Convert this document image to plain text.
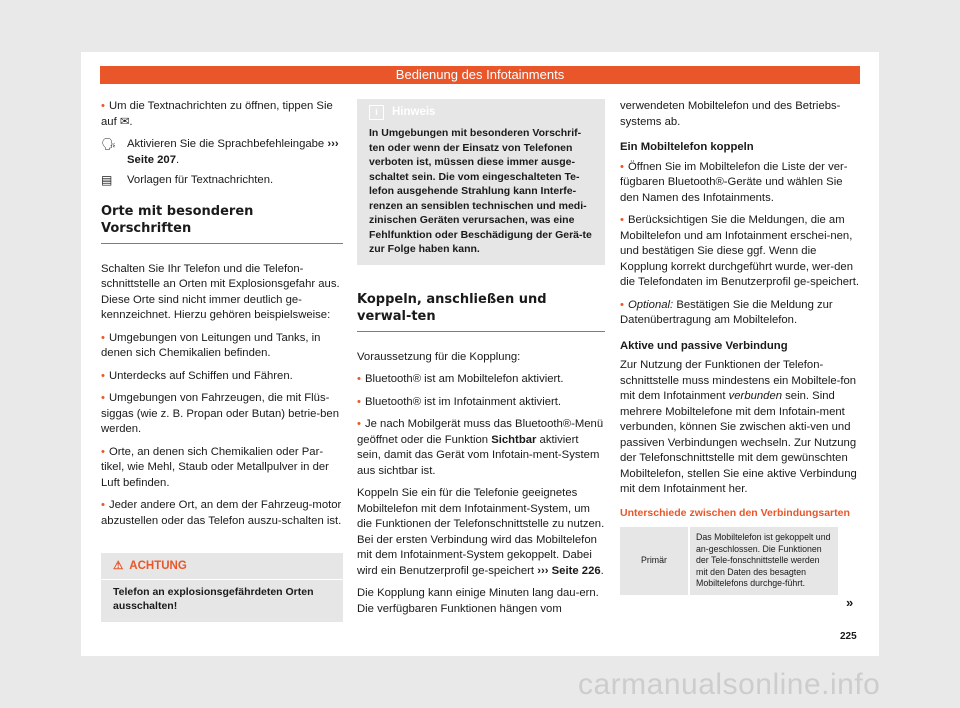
Bedienung des Infotainments

• Um die Textnachrichten zu öffnen, tippen Sie auf ✉.

🗣 Aktivieren Sie die Sprachbefehleingabe ››› Seite 207.
▤	Vorlagen für Textnachrichten.
Orte mit besonderen Vorschriften

Schalten Sie Ihr Telefon und die Telefon-schnittstelle an Orten mit Explosionsgefahr aus. Diese Orte sind nicht immer deutlich ge-kennzeichnet. Hierzu gehören beispielsweise:

• Umgebungen von Leitungen und Tanks, in denen sich Chemikalien befinden.

• Unterdecks auf Schiffen und Fähren.

• Umgebungen von Fahrzeugen, die mit Flüs-siggas (wie z. B. Propan oder Butan) betrie-ben werden.

• Orte, an denen sich Chemikalien oder Par-tikel, wie Mehl, Staub oder Metallpulver in der Luft befinden.

• Jeder andere Ort, an dem der Fahrzeug-motor abzustellen oder das Telefon auszu-schalten ist.

⚠ ACHTUNG
Telefon an explosionsgefährdeten Orten ausschalten!
i	Hinweis
In Umgebungen mit besonderen Vorschrif-ten oder wenn der Einsatz von Telefonen verboten ist, müssen diese immer ausge-schaltet sein. Die vom eingeschalteten Te-lefon ausgehende Strahlung kann Interfe-renzen an sensiblen technischen und medi-zinischen Geräten verursachen, was eine Fehlfunktion oder Beschädigung der Gerä-te zur Folge haben kann.
Koppeln, anschließen und verwal-ten

Voraussetzung für die Kopplung:

• Bluetooth® ist am Mobiltelefon aktiviert.

• Bluetooth® ist im Infotainment aktiviert.

• Je nach Mobilgerät muss das Bluetooth®-Menü geöffnet oder die Funktion Sichtbar aktiviert sein, damit das Gerät vom Infotain-ment-System aus sichtbar ist.

Koppeln Sie ein für die Telefonie geeignetes Mobiltelefon mit dem Infotainment-System, um die Funktionen der Telefonschnittstelle zu nutzen. Bei der ersten Verbindung wird das Mobiltelefon mit dem Infotainment-System gekoppelt. Dabei wird ein Benutzerprofil ge-speichert ››› Seite 226.

Die Kopplung kann einige Minuten lang dau-ern. Die verfügbaren Funktionen hängen vom

verwendeten Mobiltelefon und des Betriebs-systems ab.

Ein Mobiltelefon koppeln

• Öffnen Sie im Mobiltelefon die Liste der ver-fügbaren Bluetooth®-Geräte und wählen Sie den Namen des Infotainments.

• Berücksichtigen Sie die Meldungen, die am Mobiltelefon und am Infotainment erschei-nen, und bestätigen Sie diese ggf. Wenn die Kopplung korrekt durchgeführt wurde, wer-den die Telefondaten im Benutzerprofil ge-speichert.

• Optional: Bestätigen Sie die Meldung zur Datenübertragung am Mobiltelefon.

Aktive und passive Verbindung

Zur Nutzung der Funktionen der Telefon-schnittstelle muss mindestens ein Mobiltele-fon mit dem Infotainment verbunden sein. Sind mehrere Mobiltelefone mit dem Infotain-ment verbunden, können Sie zwischen akti-ven und passiven Verbindungen wechseln. Zur Nutzung der Telefonschnittstelle mit dem gewünschten Mobiltelefon, stellen Sie eine aktive Verbindung mit dem Infotainment her.

Unterschiede zwischen den Verbindungsarten
Primär	Das Mobiltelefon ist gekoppelt und an-geschlossen. Die Funktionen der Tele-fonschnittstelle werden mit den Daten des besagten Mobiltelefons durchge-führt.
»
225
carmanualsonline.info
